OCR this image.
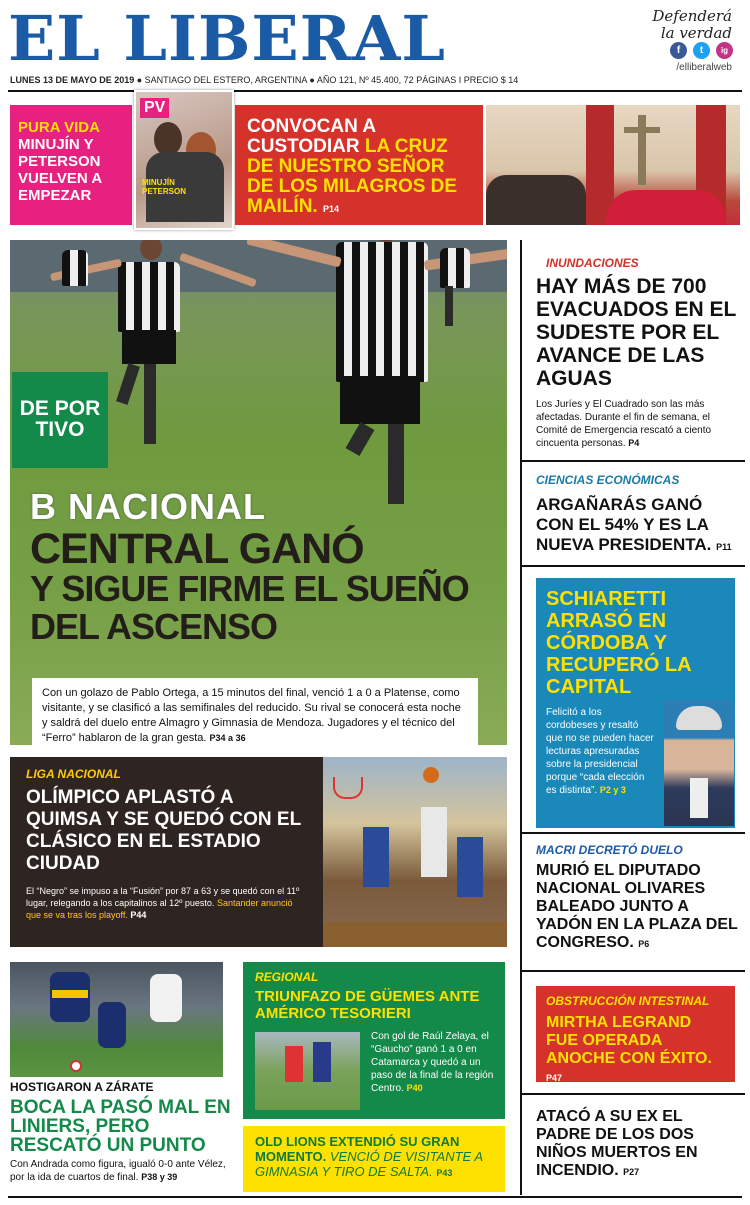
EL LIBERAL	Defenderá
la verdad
f	t	ig
/elliberalweb
LUNES 13 DE MAYO DE 2019 ● SANTIAGO DEL ESTERO, ARGENTINA ● AÑO 121, Nº 45.400, 72 PÁGINAS I PRECIO $ 14
PURA VIDA
MINUJÍN Y PETERSON VUELVEN A EMPEZAR
PV
MINUJÍN PETERSON
CONVOCAN A CUSTODIAR LA CRUZ DE NUESTRO SEÑOR DE LOS MILAGROS DE MAILÍN. P14
DE POR TIVO
B NACIONAL
CENTRAL GANÓ
Y SIGUE FIRME EL SUEÑO DEL ASCENSO
Con un golazo de Pablo Ortega, a 15 minutos del final, venció 1 a 0 a Platense, como visitante, y se clasificó a las semifinales del reducido. Su rival se conocerá esta noche y saldrá del duelo entre Almagro y Gimnasia de Mendoza. Jugadores y el técnico del “Ferro” hablaron de la gran gesta. P34 a 36
LIGA NACIONAL
OLÍMPICO APLASTÓ A QUIMSA Y SE QUEDÓ CON EL CLÁSICO EN EL ESTADIO CIUDAD
El “Negro” se impuso a la “Fusión” por 87 a 63 y se quedó con el 11º lugar, relegando a los capitalinos al 12º puesto. Santander anunció que se va tras los playoff. P44
HOSTIGARON A ZÁRATE
BOCA LA PASÓ MAL EN LINIERS, PERO RESCATÓ UN PUNTO
Con Andrada como figura, igualó 0-0 ante Vélez, por la ida de cuartos de final. P38 y 39
REGIONAL
TRIUNFAZO DE GÜEMES ANTE AMÉRICO TESORIERI
Con gol de Raúl Zelaya, el “Gaucho” ganó 1 a 0 en Catamarca y quedó a un paso de la final de la región Centro. P40
OLD LIONS EXTENDIÓ SU GRAN MOMENTO. VENCIÓ DE VISITANTE A GIMNASIA Y TIRO DE SALTA. P43
INUNDACIONES
HAY MÁS DE 700 EVACUADOS EN EL SUDESTE POR EL AVANCE DE LAS AGUAS
Los Juríes y El Cuadrado son las más afectadas. Durante el fin de semana, el Comité de Emergencia rescató a ciento cincuenta personas. P4
CIENCIAS ECONÓMICAS
ARGAÑARÁS GANÓ CON EL 54% Y ES LA NUEVA PRESIDENTA. P11
SCHIARETTI ARRASÓ EN CÓRDOBA Y RECUPERÓ LA CAPITAL
Felicitó a los cordobeses y resaltó que no se pueden hacer lecturas apresuradas sobre la presidencial porque “cada elección es distinta”. P2 y 3
MACRI DECRETÓ DUELO
MURIÓ EL DIPUTADO NACIONAL OLIVARES BALEADO JUNTO A YADÓN EN LA PLAZA DEL CONGRESO. P6
OBSTRUCCIÓN INTESTINAL
MIRTHA LEGRAND FUE OPERADA ANOCHE CON ÉXITO. P47
ATACÓ A SU EX EL PADRE DE LOS DOS NIÑOS MUERTOS EN INCENDIO. P27
